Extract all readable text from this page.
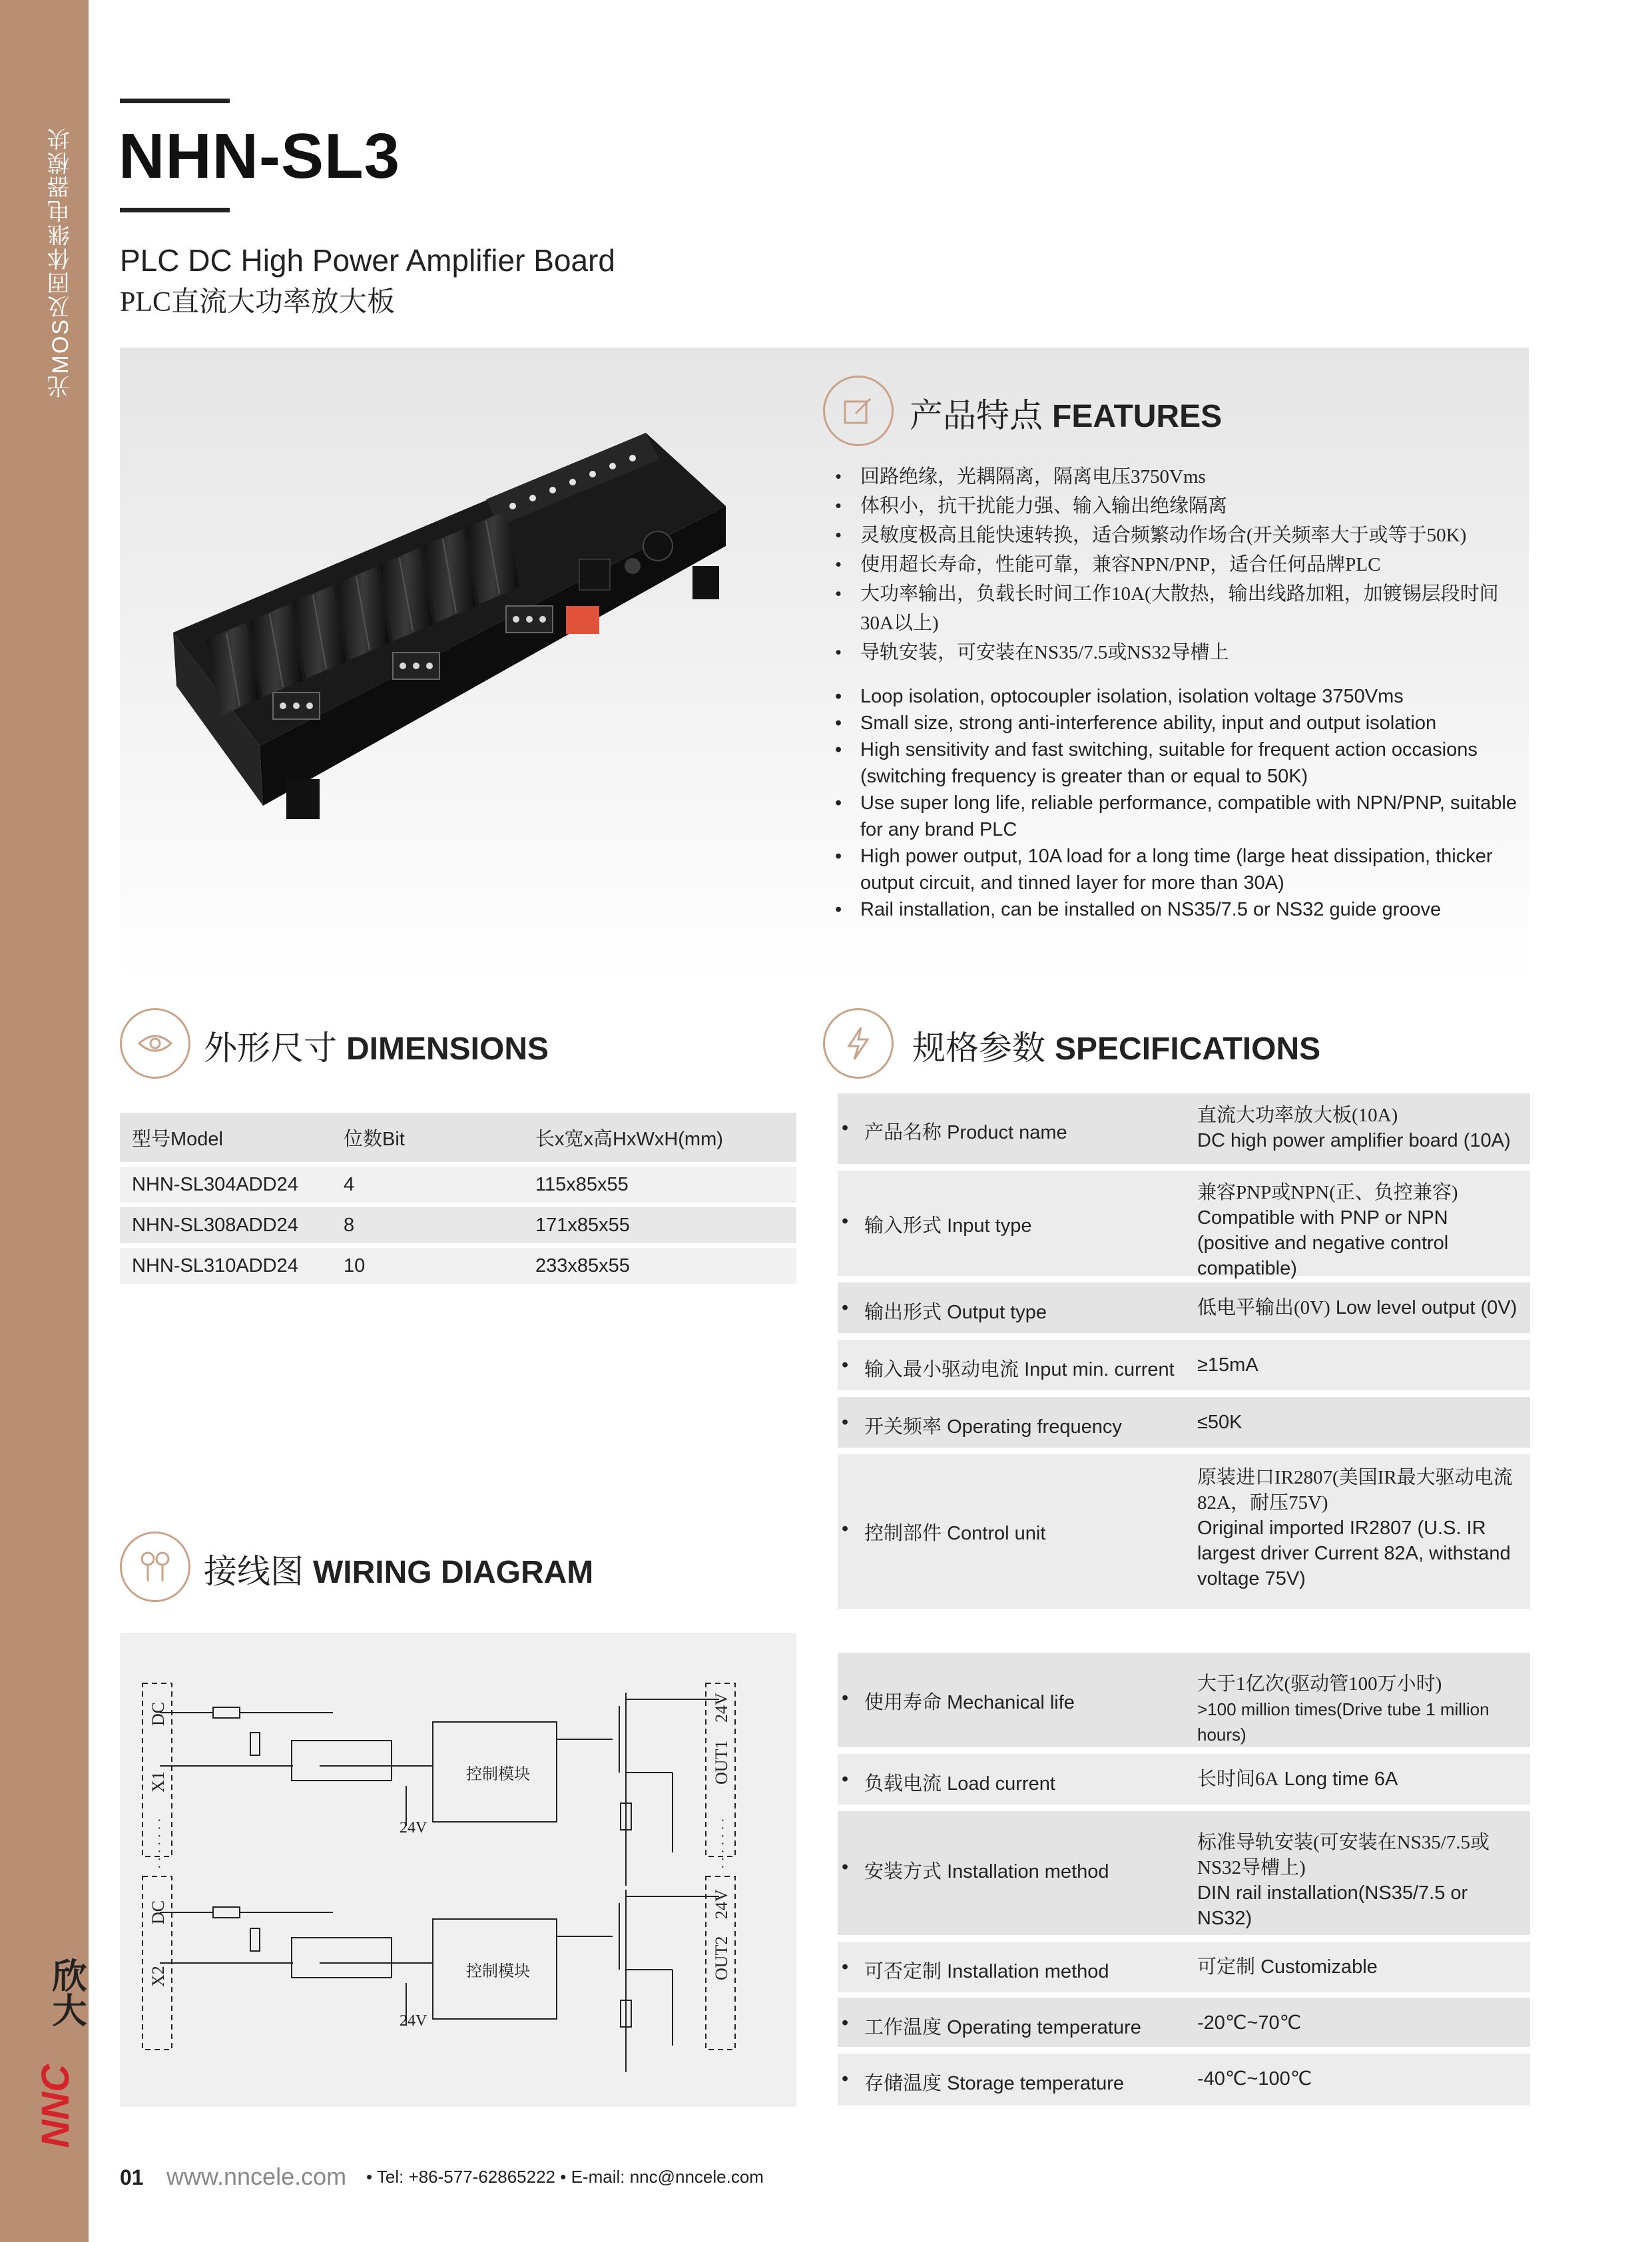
光MOS及固体继电器模块
NNC
欣大
NHN-SL3
PLC DC High Power Amplifier Board
PLC直流大功率放大板
产品特点 FEATURES
• 回路绝缘，光耦隔离，隔离电压3750Vms
• 体积小，抗干扰能力强、输入输出绝缘隔离
• 灵敏度极高且能快速转换，适合频繁动作场合(开关频率大于或等于50K)
• 使用超长寿命，性能可靠，兼容NPN/PNP，适合任何品牌PLC
• 大功率输出，负载长时间工作10A(大散热，输出线路加粗，加镀锡层段时间30A以上)
• 导轨安装，可安装在NS35/7.5或NS32导槽上
• Loop isolation, optocoupler isolation, isolation voltage 3750Vms
• Small size, strong anti-interference ability, input and output isolation
• High sensitivity and fast switching, suitable for frequent action occasions (switching frequency is greater than or equal to 50K)
• Use super long life, reliable performance, compatible with NPN/PNP, suitable for any brand PLC
• High power output, 10A load for a long time (large heat dissipation, thicker output circuit, and tinned layer for more than 30A)
• Rail installation, can be installed on NS35/7.5 or NS32 guide groove
外形尺寸 DIMENSIONS
型号Model	位数Bit	长x宽x高HxWxH(mm)
NHN-SL304ADD24	4	115x85x55
NHN-SL308ADD24	8	171x85x55
NHN-SL310ADD24	10	233x85x55
规格参数 SPECIFICATIONS
• 产品名称 Product name
直流大功率放大板(10A)
DC high power amplifier board (10A)
• 输入形式 Input type
兼容PNP或NPN(正、负控兼容)
Compatible with PNP or NPN (positive and negative control compatible)
• 输出形式 Output type	低电平输出(0V) Low level output (0V)
• 输入最小驱动电流 Input min. current ≥15mA
• 开关频率 Operating frequency	≤50K
• 控制部件 Control unit
原装进口IR2807(美国IR最大驱动电流82A，耐压75V)
Original imported IR2807 (U.S. IR largest driver Current 82A, withstand voltage 75V)
• 使用寿命 Mechanical life
大于1亿次(驱动管100万小时)
>100 million times(Drive tube 1 million hours)
• 负载电流 Load current	长时间6A Long time 6A
• 安装方式 Installation method
标准导轨安装(可安装在NS35/7.5或NS32导槽上)
DIN rail installation(NS35/7.5 or NS32)
• 可否定制 Installation method	可定制 Customizable
• 工作温度 Operating temperature	-20℃~70℃
• 存储温度 Storage temperature	-40℃~100℃
接线图 WIRING DIAGRAM
DC
X1
DC
X2
控制模块
控制模块
24V
24V
24V
OUT1
24V
OUT2
· · · · · · ·	· · · · · · ·
01 www.nncele.com • Tel: +86-577-62865222 • E-mail: nnc@nncele.com
